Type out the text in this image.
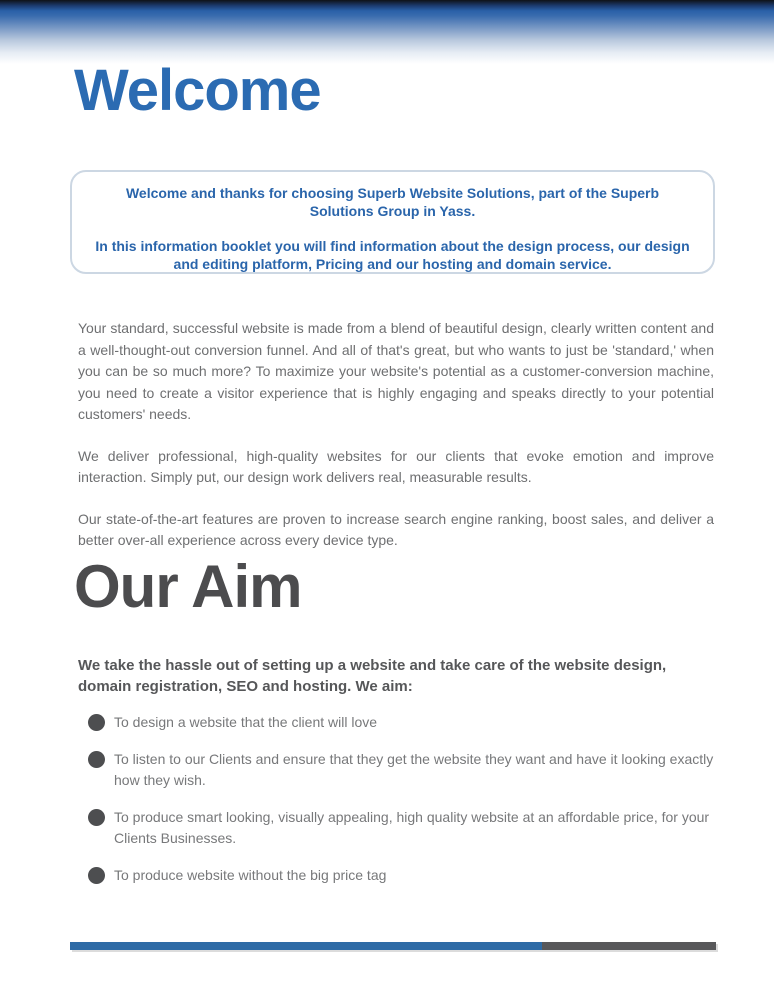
Welcome

Welcome and thanks for choosing Superb Website Solutions, part of the Superb Solutions Group in Yass.

In this information booklet you will find information about the design process, our design and editing platform, Pricing and our hosting and domain service.

Your standard, successful website is made from a blend of beautiful design, clearly written content and a well-thought-out conversion funnel. And all of that's great, but who wants to just be 'standard,' when you can be so much more? To maximize your website's potential as a customer-conversion machine, you need to create a visitor experience that is highly engaging and speaks directly to your potential customers' needs.

We deliver professional, high-quality websites for our clients that evoke emotion and improve interaction. Simply put, our design work delivers real, measurable results.

Our state-of-the-art features are proven to increase search engine ranking, boost sales, and deliver a better over-all experience across every device type.

Our Aim

We take the hassle out of setting up a website and take care of the website design, domain registration, SEO and hosting. We aim:

To design a website that the client will love
To listen to our Clients and ensure that they get the website they want and have it looking exactly how they wish.
To produce smart looking, visually appealing, high quality website at an affordable price, for your Clients Businesses.
To produce website without the big price tag
